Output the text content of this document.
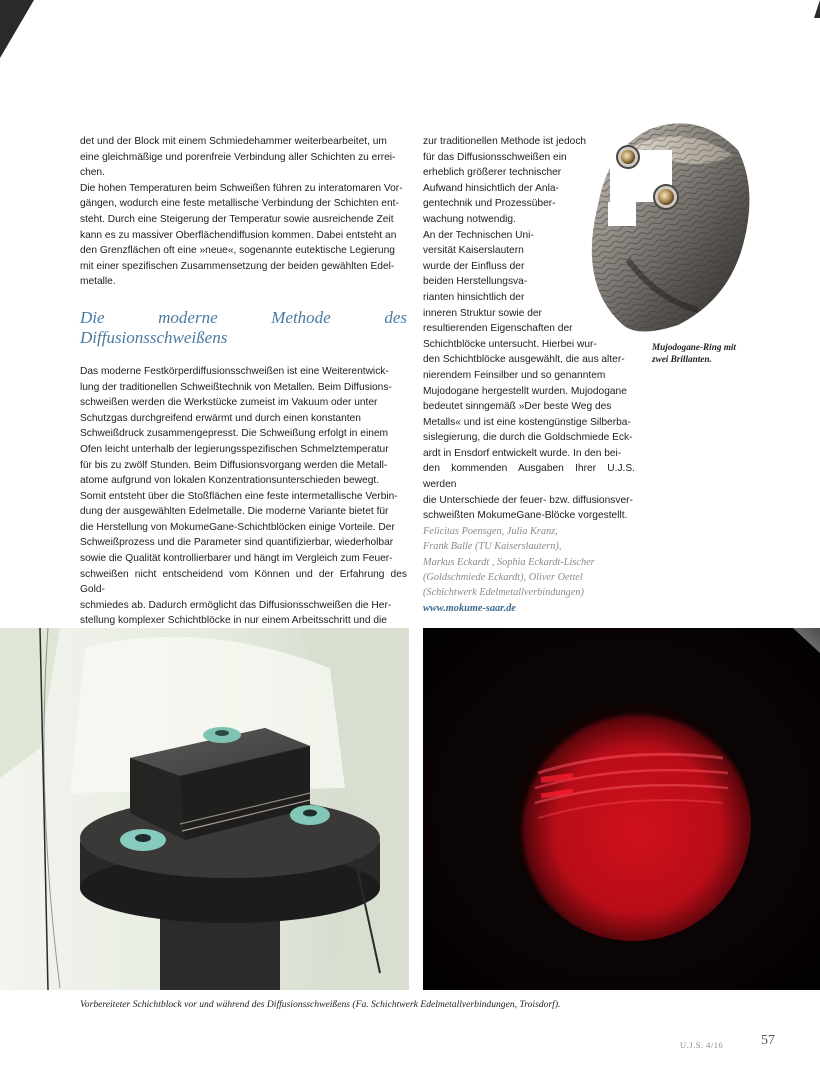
det und der Block mit einem Schmiedehammer weiterbearbeitet, um

eine gleichmäßige und porenfreie Verbindung aller Schichten zu errei-

chen.

Die hohen Temperaturen beim Schweißen führen zu interatomaren Vor-

gängen, wodurch eine feste metallische Verbindung der Schichten ent-

steht. Durch eine Steigerung der Temperatur sowie ausreichende Zeit

kann es zu massiver Oberflächendiffusion kommen. Dabei entsteht an

den Grenzflächen oft eine »neue«, sogenannte eutektische Legierung

mit einer spezifischen Zusammensetzung der beiden gewählten Edel-

metalle.

Die moderne Methode des Diffusionsschweißens

Das moderne Festkörperdiffusionsschweißen ist eine Weiterentwick-

lung der traditionellen Schweißtechnik von Metallen. Beim Diffusions-

schweißen werden die Werkstücke zumeist im Vakuum oder unter

Schutzgas durchgreifend erwärmt und durch einen konstanten

Schweißdruck zusammengepresst. Die Schweißung erfolgt in einem

Ofen leicht unterhalb der legierungsspezifischen Schmelztemperatur

für bis zu zwölf Stunden. Beim Diffusionsvorgang werden die Metall-

atome aufgrund von lokalen Konzentrationsunterschieden bewegt.

Somit entsteht über die Stoßflächen eine feste intermetallische Verbin-

dung der ausgewählten Edelmetalle. Die moderne Variante bietet für

die Herstellung von MokumeGane-Schichtblöcken einige Vorteile. Der

Schweißprozess und die Parameter sind quantifizierbar, wiederholbar

sowie die Qualität kontrollierbarer und hängt im Vergleich zum Feuer-

schweißen nicht entscheidend vom Können und der Erfahrung des Gold-

schmiedes ab. Dadurch ermöglicht das Diffusionsschweißen die Her-

stellung komplexer Schichtblöcke in nur einem Arbeitsschritt und die

zur traditionellen Methode ist jedoch

für das Diffusionsschweißen ein

erheblich größerer technischer

Aufwand hinsichtlich der Anla-

gentechnik und Prozessüber-

wachung notwendig.

An der Technischen Uni-

versität Kaiserslautern

wurde der Einfluss der

beiden Herstellungsva-

rianten hinsichtlich der

inneren Struktur sowie der

resultierenden Eigenschaften der

Schichtblöcke untersucht. Hierbei wur-

den Schichtblöcke ausgewählt, die aus alter-

nierendem Feinsilber und so genanntem

Mujodogane hergestellt wurden. Mujodogane

bedeutet sinngemäß »Der beste Weg des

Metalls« und ist eine kostengünstige Silberba-

sislegierung, die durch die Goldschmiede Eck-

ardt in Ensdorf entwickelt wurde. In den bei-

den kommenden Ausgaben Ihrer U.J.S. werden

die Unterschiede der feuer- bzw. diffusionsver-

schweißten MokumeGane-Blöcke vorgestellt.

Felicitas Poensgen, Julia Kranz,
Frank Balle (TU Kaiserslautern),
Markus Eckardt , Sophia Eckardt-Lischer
(Goldschmiede Eckardt), Oliver Oettel
(Schichtwerk Edelmetallverbindungen)
www.mokume-saar.de
Mujodogane-Ring mit
zwei Brillanten.
Vorbereiteter Schichtblock vor und während des Diffusionsschweißens (Fa. Schichtwerk Edelmetallverbindungen, Troisdorf).
U.J.S. 4/16	57
